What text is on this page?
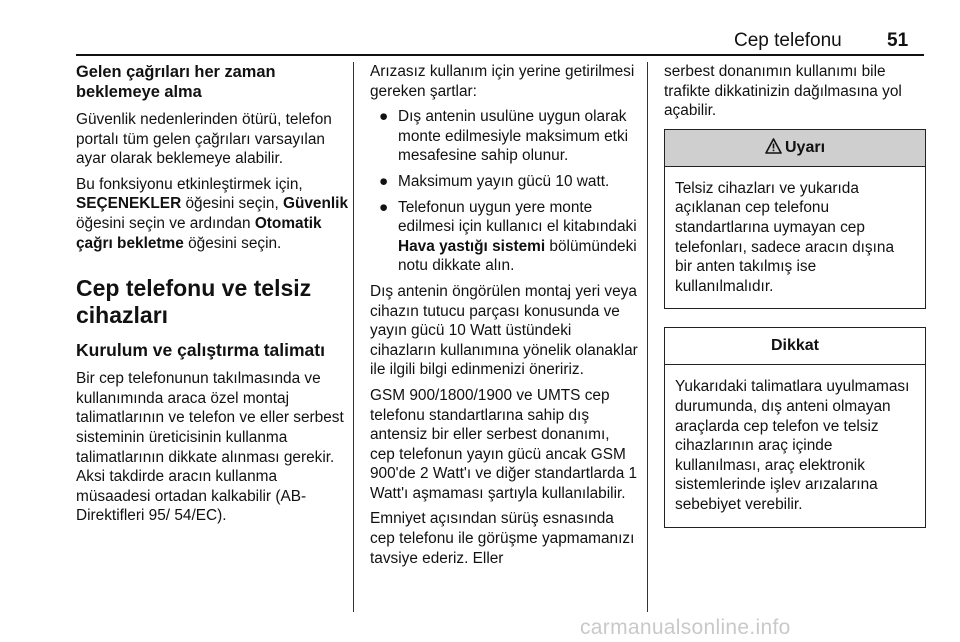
Cep telefonu 51
Gelen çağrıları her zaman beklemeye alma

Güvenlik nedenlerinden ötürü, telefon portalı tüm gelen çağrıları varsayılan ayar olarak beklemeye alabilir.

Bu fonksiyonu etkinleştirmek için, SEÇENEKLER öğesini seçin, Güvenlik öğesini seçin ve ardından Otomatik çağrı bekletme öğesini seçin.

Cep telefonu ve telsiz cihazları
Kurulum ve çalıştırma talimatı

Bir cep telefonunun takılmasında ve kullanımında araca özel montaj talimatlarının ve telefon ve eller serbest sisteminin üreticisinin kullanma talimatlarının dikkate alınması gerekir. Aksi takdirde aracın kullanma müsaadesi ortadan kalkabilir (AB-Direktifleri 95/ 54/EC).

Arızasız kullanım için yerine getirilmesi gereken şartlar:

● Dış antenin usulüne uygun olarak monte edilmesiyle maksimum etki mesafesine sahip olunur.
● Maksimum yayın gücü 10 watt.
● Telefonun uygun yere monte edilmesi için kullanıcı el kitabındaki Hava yastığı sistemi bölümündeki notu dikkate alın.

Dış antenin öngörülen montaj yeri veya cihazın tutucu parçası konusunda ve yayın gücü 10 Watt üstündeki cihazların kullanımına yönelik olanaklar ile ilgili bilgi edinmenizi öneririz.

GSM 900/1800/1900 ve UMTS cep telefonu standartlarına sahip dış antensiz bir eller serbest donanımı, cep telefonun yayın gücü ancak GSM 900'de 2 Watt'ı ve diğer standartlarda 1 Watt'ı aşmaması şartıyla kullanılabilir.

Emniyet açısından sürüş esnasında cep telefonu ile görüşme yapmamanızı tavsiye ederiz. Eller

serbest donanımın kullanımı bile trafikte dikkatinizin dağılmasına yol açabilir.

Uyarı
Telsiz cihazları ve yukarıda açıklanan cep telefonu standartlarına uymayan cep telefonları, sadece aracın dışına bir anten takılmış ise kullanılmalıdır.
Dikkat
Yukarıdaki talimatlara uyulmaması durumunda, dış anteni olmayan araçlarda cep telefon ve telsiz cihazlarının araç içinde kullanılması, araç elektronik sistemlerinde işlev arızalarına sebebiyet verebilir.
carmanualsonline.info
